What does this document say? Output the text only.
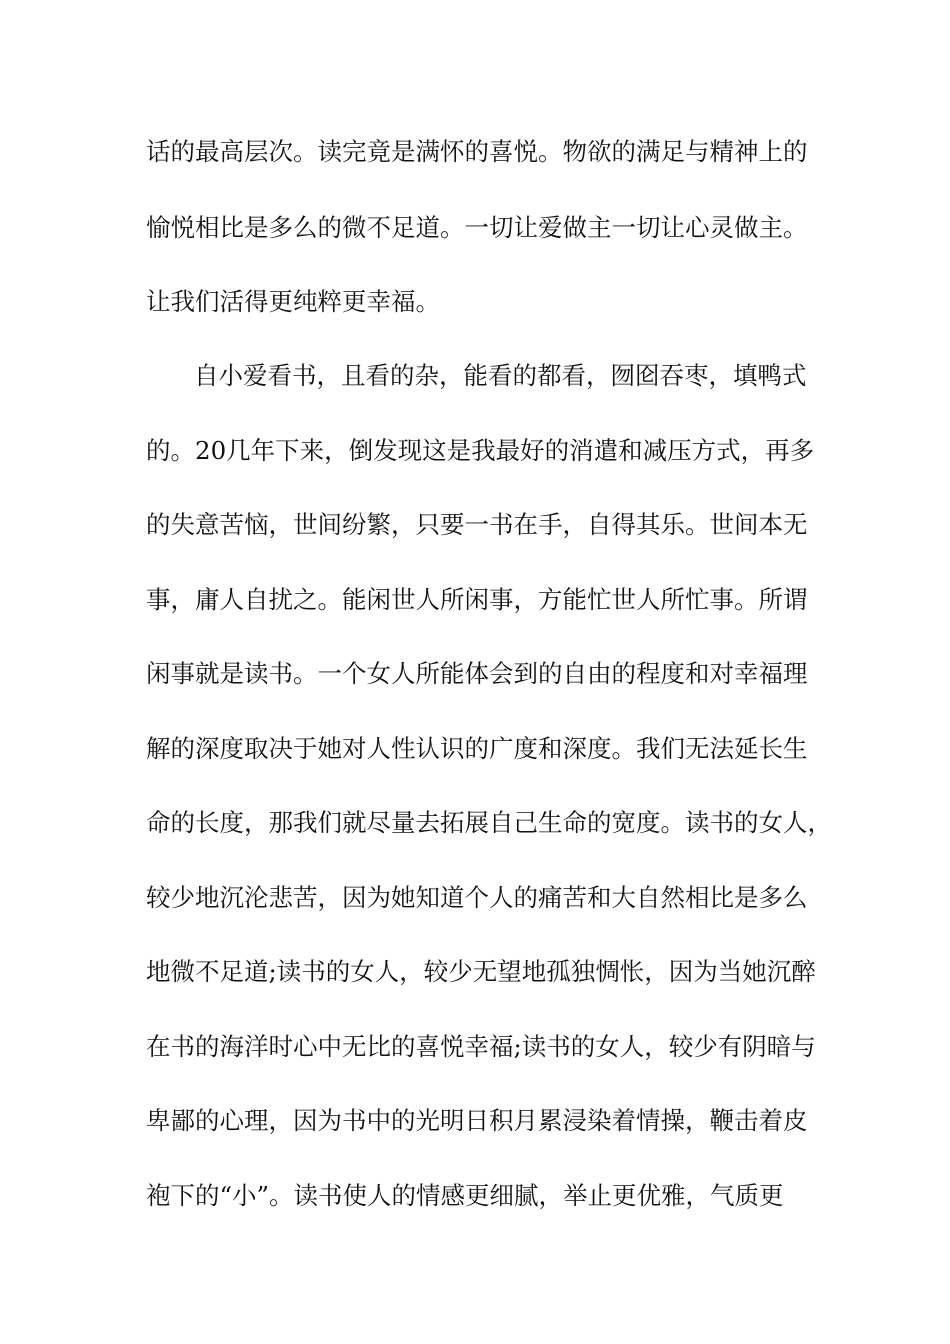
话的最高层次。读完竟是满怀的喜悦。物欲的满足与精神上的
愉悦相比是多么的微不足道。一切让爱做主一切让心灵做主。
让我们活得更纯粹更幸福。
自小爱看书，且看的杂，能看的都看，囫囵吞枣，填鸭式
的。20几年下来，倒发现这是我最好的消遣和减压方式，再多
的失意苦恼，世间纷繁，只要一书在手，自得其乐。世间本无
事，庸人自扰之。能闲世人所闲事，方能忙世人所忙事。所谓
闲事就是读书。一个女人所能体会到的自由的程度和对幸福理
解的深度取决于她对人性认识的广度和深度。我们无法延长生
命的长度，那我们就尽量去拓展自己生命的宽度。读书的女人，
较少地沉沦悲苦，因为她知道个人的痛苦和大自然相比是多么
地微不足道;读书的女人，较少无望地孤独惆怅，因为当她沉醉
在书的海洋时心中无比的喜悦幸福;读书的女人，较少有阴暗与
卑鄙的心理，因为书中的光明日积月累浸染着情操，鞭击着皮
袍下的“小”。读书使人的情感更细腻，举止更优雅，气质更
